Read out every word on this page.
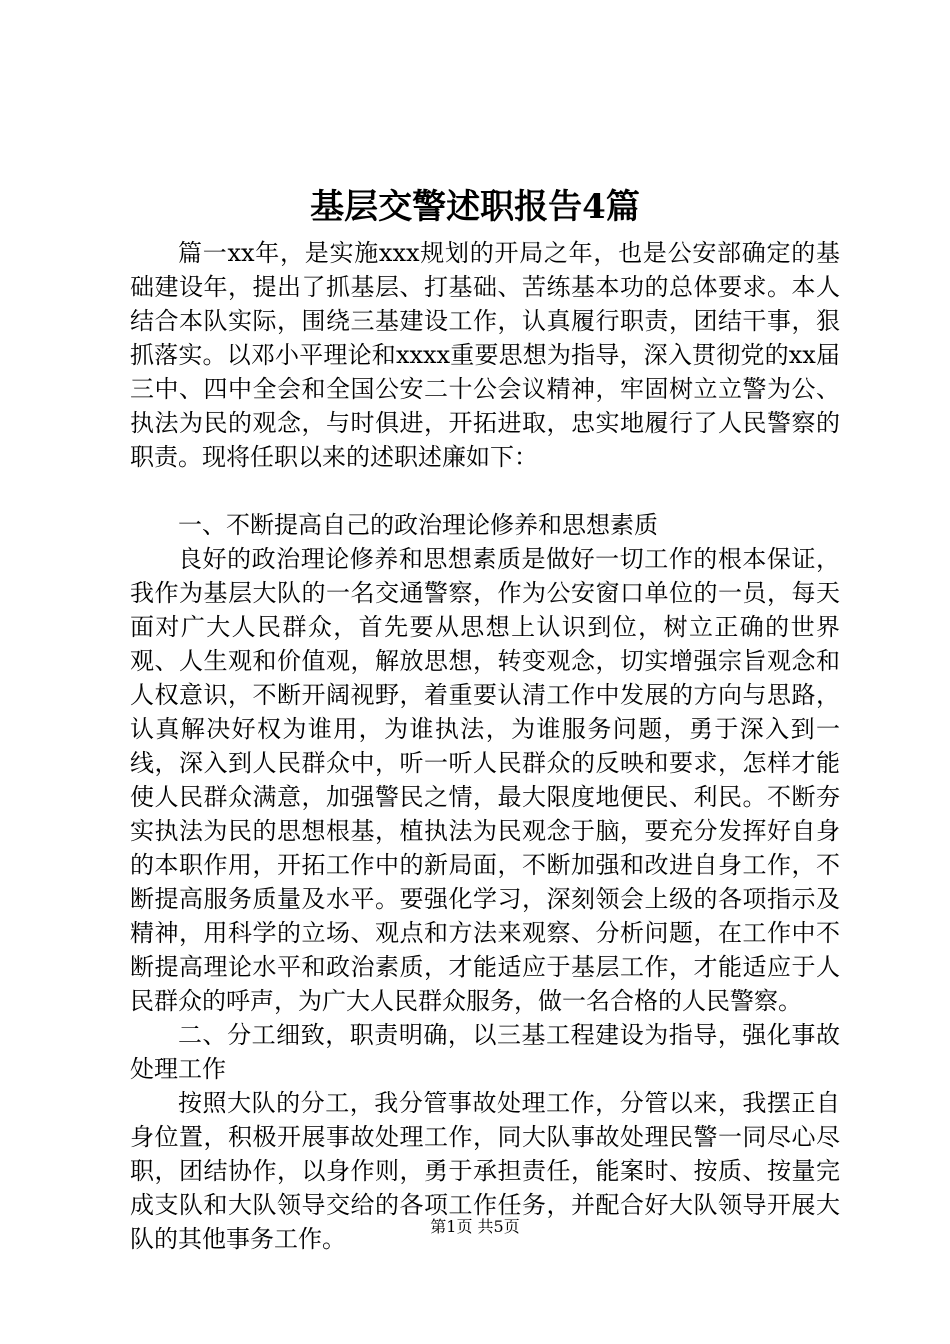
基层交警述职报告4篇

篇一xx年，是实施xxx规划的开局之年，也是公安部确定的基础建设年，提出了抓基层、打基础、苦练基本功的总体要求。本人结合本队实际，围绕三基建设工作，认真履行职责，团结干事，狠抓落实。以邓小平理论和xxxx重要思想为指导，深入贯彻党的xx届三中、四中全会和全国公安二十公会议精神，牢固树立立警为公、执法为民的观念，与时俱进，开拓进取，忠实地履行了人民警察的职责。现将任职以来的述职述廉如下：

一、不断提高自己的政治理论修养和思想素质

良好的政治理论修养和思想素质是做好一切工作的根本保证，我作为基层大队的一名交通警察，作为公安窗口单位的一员，每天面对广大人民群众，首先要从思想上认识到位，树立正确的世界观、人生观和价值观，解放思想，转变观念，切实增强宗旨观念和人权意识，不断开阔视野，着重要认清工作中发展的方向与思路，认真解决好权为谁用，为谁执法，为谁服务问题，勇于深入到一线，深入到人民群众中，听一听人民群众的反映和要求，怎样才能使人民群众满意，加强警民之情，最大限度地便民、利民。不断夯实执法为民的思想根基，植执法为民观念于脑，要充分发挥好自身的本职作用，开拓工作中的新局面，不断加强和改进自身工作，不断提高服务质量及水平。要强化学习，深刻领会上级的各项指示及精神，用科学的立场、观点和方法来观察、分析问题，在工作中不断提高理论水平和政治素质，才能适应于基层工作，才能适应于人民群众的呼声，为广大人民群众服务，做一名合格的人民警察。

二、分工细致，职责明确，以三基工程建设为指导，强化事故处理工作

按照大队的分工，我分管事故处理工作，分管以来，我摆正自身位置，积极开展事故处理工作，同大队事故处理民警一同尽心尽职，团结协作，以身作则，勇于承担责任，能案时、按质、按量完成支队和大队领导交给的各项工作任务，并配合好大队领导开展大队的其他事务工作。	第1页 共5页
